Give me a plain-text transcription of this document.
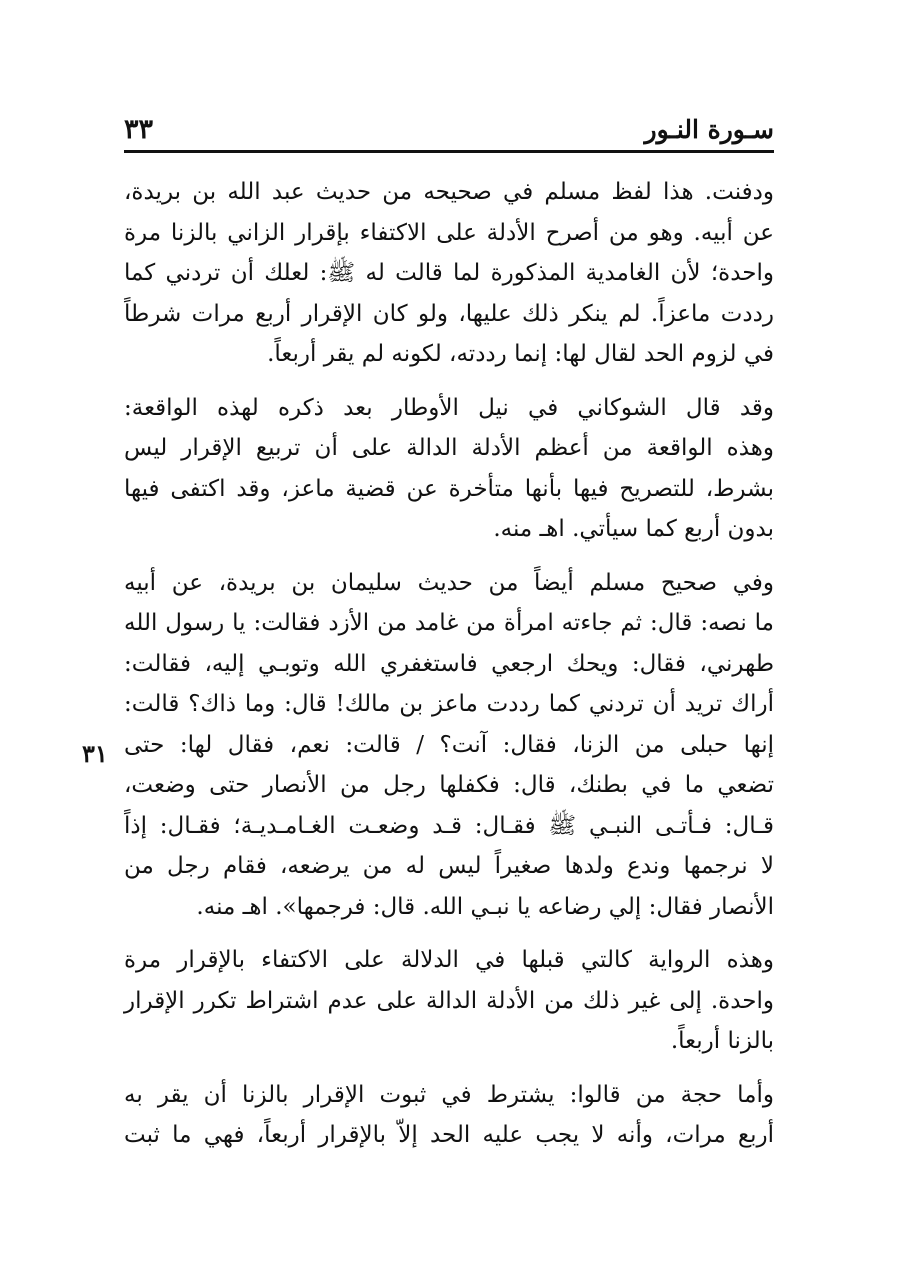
سـورة النـور
٣٣
ودفنت. هذا لفظ مسلم في صحيحه من حديث عبد الله بن بريدة،
عن أبيه. وهو من أصرح الأدلة على الاكتفاء بإقرار الزاني بالزنا مرة
واحدة؛ لأن الغامدية المذكورة لما قالت له ﷺ: لعلك أن تردني كما
رددت ماعزاً. لم ينكر ذلك عليها، ولو كان الإقرار أربع مرات شرطاً
في لزوم الحد لقال لها: إنما رددته، لكونه لم يقر أربعاً.
وقد قال الشوكاني في نيل الأوطار بعد ذكره لهذه الواقعة:
وهذه الواقعة من أعظم الأدلة الدالة على أن تربيع الإقرار ليس
بشرط، للتصريح فيها بأنها متأخرة عن قضية ماعز، وقد اكتفى فيها
بدون أربع كما سيأتي. اهـ منه.
وفي صحيح مسلم أيضاً من حديث سليمان بن بريدة، عن أبيه
ما نصه: قال: ثم جاءته امرأة من غامد من الأزد فقالت: يا رسول الله
طهرني، فقال: ويحك ارجعي فاستغفري الله وتوبـي إليه، فقالت:
أراك تريد أن تردني كما رددت ماعز بن مالك! قال: وما ذاك؟ قالت:
إنها حبلى من الزنا، فقال: آنت؟ / قالت: نعم، فقال لها: حتى
تضعي ما في بطنك، قال: فكفلها رجل من الأنصار حتى وضعت،
قـال: فـأتـى النبـي ﷺ فقـال: قـد وضعـت الغـامـديـة؛ فقـال: إذاً
لا نرجمها وندع ولدها صغيراً ليس له من يرضعه، فقام رجل من
الأنصار فقال: إلي رضاعه يا نبـي الله. قال: فرجمها». اهـ منه.
وهذه الرواية كالتي قبلها في الدلالة على الاكتفاء بالإقرار مرة
واحدة. إلى غير ذلك من الأدلة الدالة على عدم اشتراط تكرر الإقرار
بالزنا أربعاً.
وأما حجة من قالوا: يشترط في ثبوت الإقرار بالزنا أن يقر به
أربع مرات، وأنه لا يجب عليه الحد إلاّ بالإقرار أربعاً، فهي ما ثبت
٣١
